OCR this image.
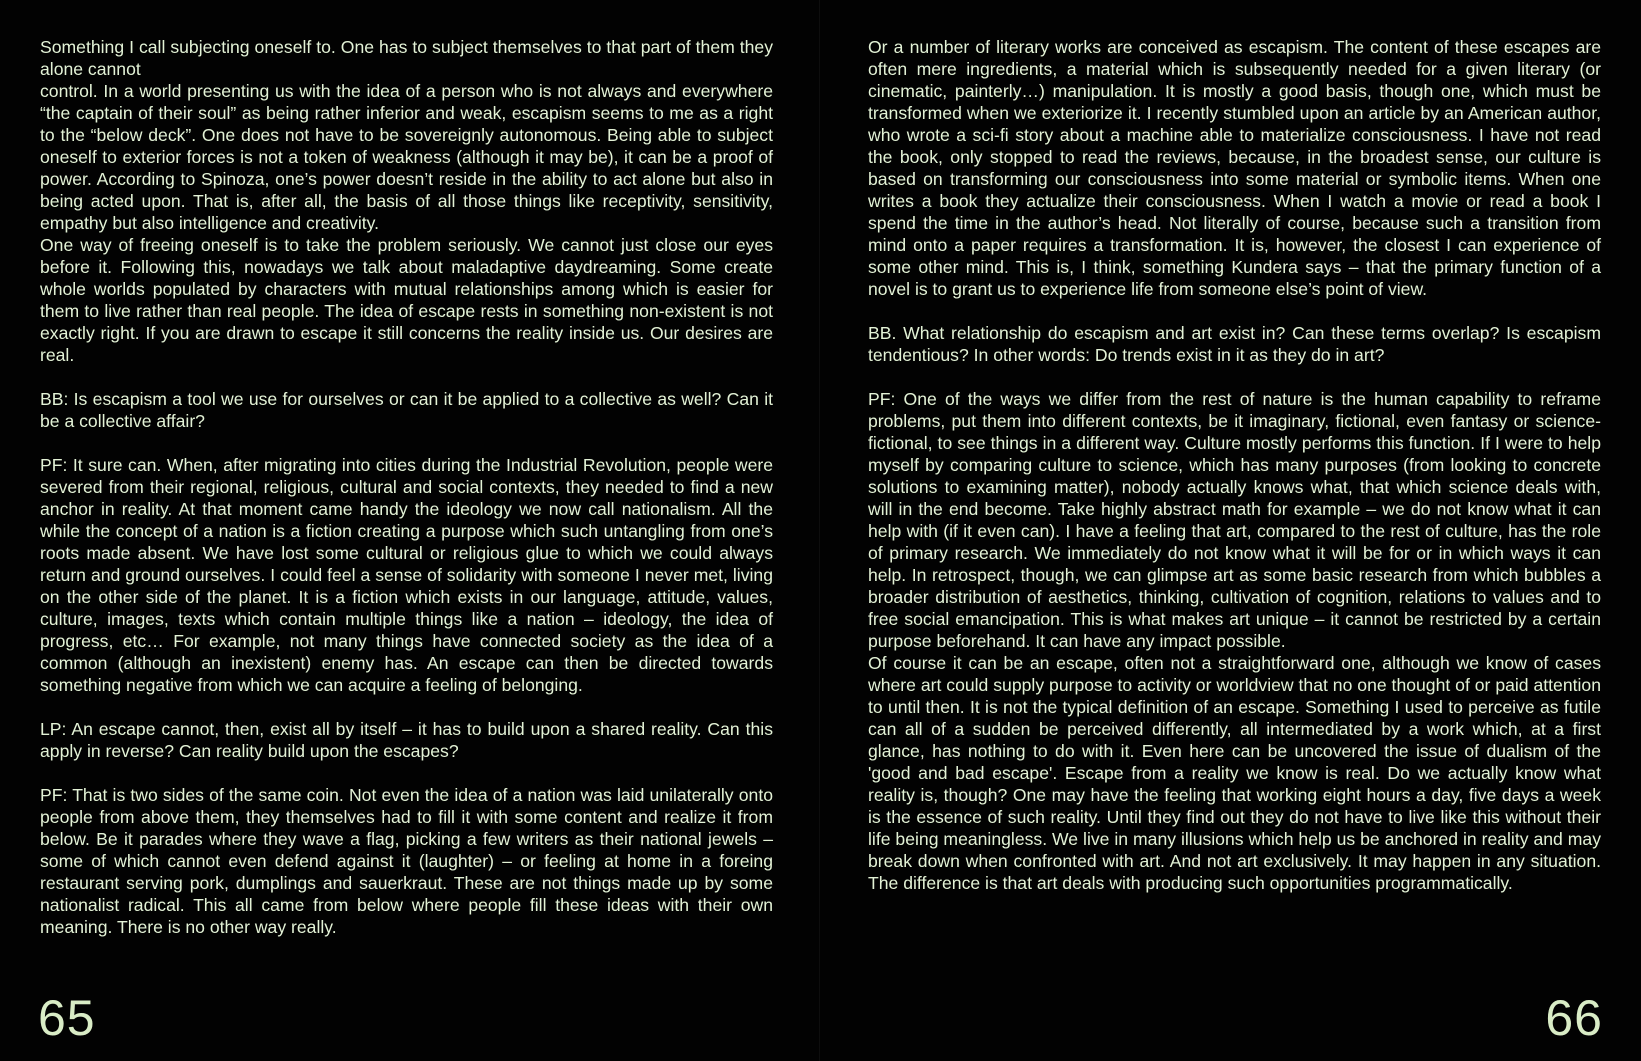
Something I call subjecting oneself to. One has to subject themselves to that part of them they alone cannot

control. In a world presenting us with the idea of a person who is not always and everywhere “the captain of their soul” as being rather inferior and weak, escapism seems to me as a right to the “below deck”. One does not have to be sovereignly autonomous. Being able to subject oneself to exterior forces is not a token of weakness (although it may be), it can be a proof of power. According to Spinoza, one’s power doesn’t reside in the ability to act alone but also in being acted upon. That is, after all, the basis of all those things like receptivity, sensitivity, empathy but also intelligence and creativity.

One way of freeing oneself is to take the problem seriously. We cannot just close our eyes before it. Following this, nowadays we talk about maladaptive daydreaming. Some create whole worlds populated by characters with mutual relationships among which is easier for them to live rather than real people. The idea of escape rests in something non-existent is not exactly right. If you are drawn to escape it still concerns the reality inside us. Our desires are real.

BB: Is escapism a tool we use for ourselves or can it be applied to a collective as well? Can it be a collective affair?

PF: It sure can. When, after migrating into cities during the Industrial Revolution, people were severed from their regional, religious, cultural and social contexts, they needed to find a new anchor in reality. At that moment came handy the ideology we now call nationalism. All the while the concept of a nation is a fiction creating a purpose which such untangling from one’s roots made absent. We have lost some cultural or religious glue to which we could always return and ground ourselves. I could feel a sense of solidarity with someone I never met, living on the other side of the planet. It is a fiction which exists in our language, attitude, values, culture, images, texts which contain multiple things like a nation – ideology, the idea of progress, etc… For example, not many things have connected society as the idea of a common (although an inexistent) enemy has. An escape can then be directed towards something negative from which we can acquire a feeling of belonging.

LP: An escape cannot, then, exist all by itself – it has to build upon a shared reality. Can this apply in reverse? Can reality build upon the escapes?

PF: That is two sides of the same coin. Not even the idea of a nation was laid unilaterally onto people from above them, they themselves had to fill it with some content and realize it from below. Be it parades where they wave a flag, picking a few writers as their national jewels – some of which cannot even defend against it (laughter) – or feeling at home in a foreing restaurant serving pork, dumplings and sauerkraut. These are not things made up by some nationalist radical. This all came from below where people fill these ideas with their own meaning. There is no other way really.

65

Or a number of literary works are conceived as escapism. The content of these escapes are often mere ingredients, a material which is subsequently needed for a given literary (or cinematic, painterly…) manipulation. It is mostly a good basis, though one, which must be transformed when we exteriorize it. I recently stumbled upon an article by an American author, who wrote a sci-fi story about a machine able to materialize consciousness. I have not read the book, only stopped to read the reviews, because, in the broadest sense, our culture is based on transforming our consciousness into some material or symbolic items. When one writes a book they actualize their consciousness. When I watch a movie or read a book I spend the time in the author’s head. Not literally of course, because such a transition from mind onto a paper requires a transformation. It is, however, the closest I can experience of some other mind. This is, I think, something Kundera says – that the primary function of a novel is to grant us to experience life from someone else’s point of view.

BB. What relationship do escapism and art exist in? Can these terms overlap? Is escapism tendentious? In other words: Do trends exist in it as they do in art?

PF: One of the ways we differ from the rest of nature is the human capability to reframe problems, put them into different contexts, be it imaginary, fictional, even fantasy or science-fictional, to see things in a different way. Culture mostly performs this function. If I were to help myself by comparing culture to science, which has many purposes (from looking to concrete solutions to examining matter), nobody actually knows what, that which science deals with, will in the end become. Take highly abstract math for example – we do not know what it can help with (if it even can). I have a feeling that art, compared to the rest of culture, has the role of primary research. We immediately do not know what it will be for or in which ways it can help. In retrospect, though, we can glimpse art as some basic research from which bubbles a broader distribution of aesthetics, thinking, cultivation of cognition, relations to values and to free social emancipation. This is what makes art unique – it cannot be restricted by a certain purpose beforehand. It can have any impact possible.

Of course it can be an escape, often not a straightforward one, although we know of cases where art could supply purpose to activity or worldview that no one thought of or paid attention to until then. It is not the typical definition of an escape. Something I used to perceive as futile can all of a sudden be perceived differently, all intermediated by a work which, at a first glance, has nothing to do with it. Even here can be uncovered the issue of dualism of the 'good and bad escape'. Escape from a reality we know is real. Do we actually know what reality is, though? One may have the feeling that working eight hours a day, five days a week is the essence of such reality. Until they find out they do not have to live like this without their life being meaningless. We live in many illusions which help us be anchored in reality and may break down when confronted with art. And not art exclusively. It may happen in any situation. The difference is that art deals with producing such opportunities programmatically.

66
